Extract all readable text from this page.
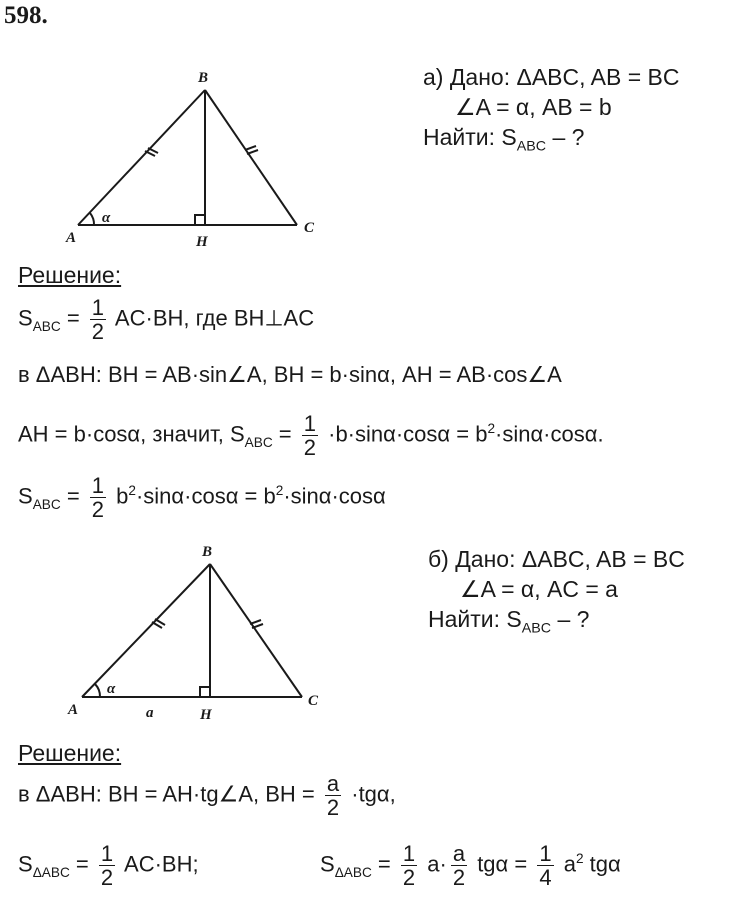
598.
B
A
C
H
α
а) Дано: ΔABC, AB = BC
∠A = α, AB = b
Найти: $S_{ABC}$ – ?
Решение:
$S_{ABC} = \frac{1}{2} AC\cdot BH$, где BH⊥AC
в ΔABH: BH = AB·sin∠A, BH = b·sinα, AH = AB·cos∠A
AH = b·cosα, значит, $S_{ABC} = \frac{1}{2} \cdot b\cdot\sin\alpha\cdot\cos\alpha = b^2\cdot\sin\alpha\cdot\cos\alpha$.
$S_{ABC} = \frac{1}{2} b^2\cdot\sin\alpha\cdot\cos\alpha = b^2\cdot\sin\alpha\cdot\cos\alpha$
B
A
C
H
α
a
б) Дано: ΔABC, AB = BC
∠A = α, AC = a
Найти: $S_{ABC}$ – ?
Решение:
в ΔABH: BH = AH·tg∠A, BH = $\frac{a}{2} \cdot tg\alpha$,
$S_{\Delta ABC} = \frac{1}{2} AC\cdot BH$;	$S_{\Delta ABC} = \frac{1}{2} a\cdot \frac{a}{2}$ $tg\alpha = \frac{1}{4} a^2$ tgα
